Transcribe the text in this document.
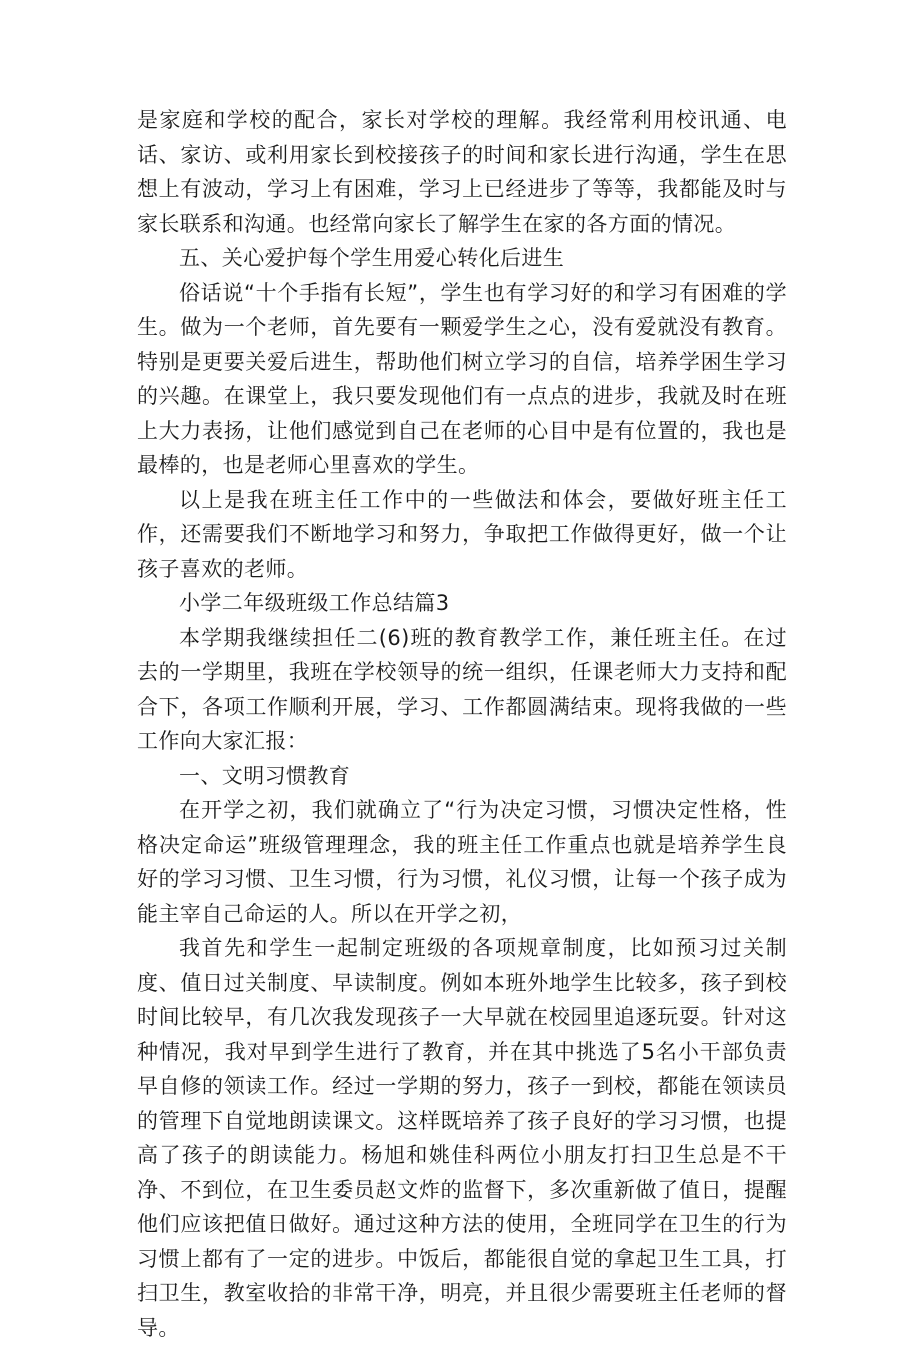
是家庭和学校的配合，家长对学校的理解。我经常利用校讯通、电话、家访、或利用家长到校接孩子的时间和家长进行沟通，学生在思想上有波动，学习上有困难，学习上已经进步了等等，我都能及时与家长联系和沟通。也经常向家长了解学生在家的各方面的情况。

五、关心爱护每个学生用爱心转化后进生

俗话说“十个手指有长短”，学生也有学习好的和学习有困难的学生。做为一个老师，首先要有一颗爱学生之心，没有爱就没有教育。特别是更要关爱后进生，帮助他们树立学习的自信，培养学困生学习的兴趣。在课堂上，我只要发现他们有一点点的进步，我就及时在班上大力表扬，让他们感觉到自己在老师的心目中是有位置的，我也是最棒的，也是老师心里喜欢的学生。

以上是我在班主任工作中的一些做法和体会，要做好班主任工作，还需要我们不断地学习和努力，争取把工作做得更好，做一个让孩子喜欢的老师。

小学二年级班级工作总结篇3

本学期我继续担任二(6)班的教育教学工作，兼任班主任。在过去的一学期里，我班在学校领导的统一组织，任课老师大力支持和配合下，各项工作顺利开展，学习、工作都圆满结束。现将我做的一些工作向大家汇报：

一、文明习惯教育

在开学之初，我们就确立了“行为决定习惯，习惯决定性格，性格决定命运”班级管理理念，我的班主任工作重点也就是培养学生良好的学习习惯、卫生习惯，行为习惯，礼仪习惯，让每一个孩子成为能主宰自己命运的人。所以在开学之初，

我首先和学生一起制定班级的各项规章制度，比如预习过关制度、值日过关制度、早读制度。例如本班外地学生比较多，孩子到校时间比较早，有几次我发现孩子一大早就在校园里追逐玩耍。针对这种情况，我对早到学生进行了教育，并在其中挑选了5名小干部负责早自修的领读工作。经过一学期的努力，孩子一到校，都能在领读员的管理下自觉地朗读课文。这样既培养了孩子良好的学习习惯，也提高了孩子的朗读能力。杨旭和姚佳科两位小朋友打扫卫生总是不干净、不到位，在卫生委员赵文炸的监督下，多次重新做了值日，提醒他们应该把值日做好。通过这种方法的使用，全班同学在卫生的行为习惯上都有了一定的进步。中饭后，都能很自觉的拿起卫生工具，打扫卫生，教室收拾的非常干净，明亮，并且很少需要班主任老师的督导。
